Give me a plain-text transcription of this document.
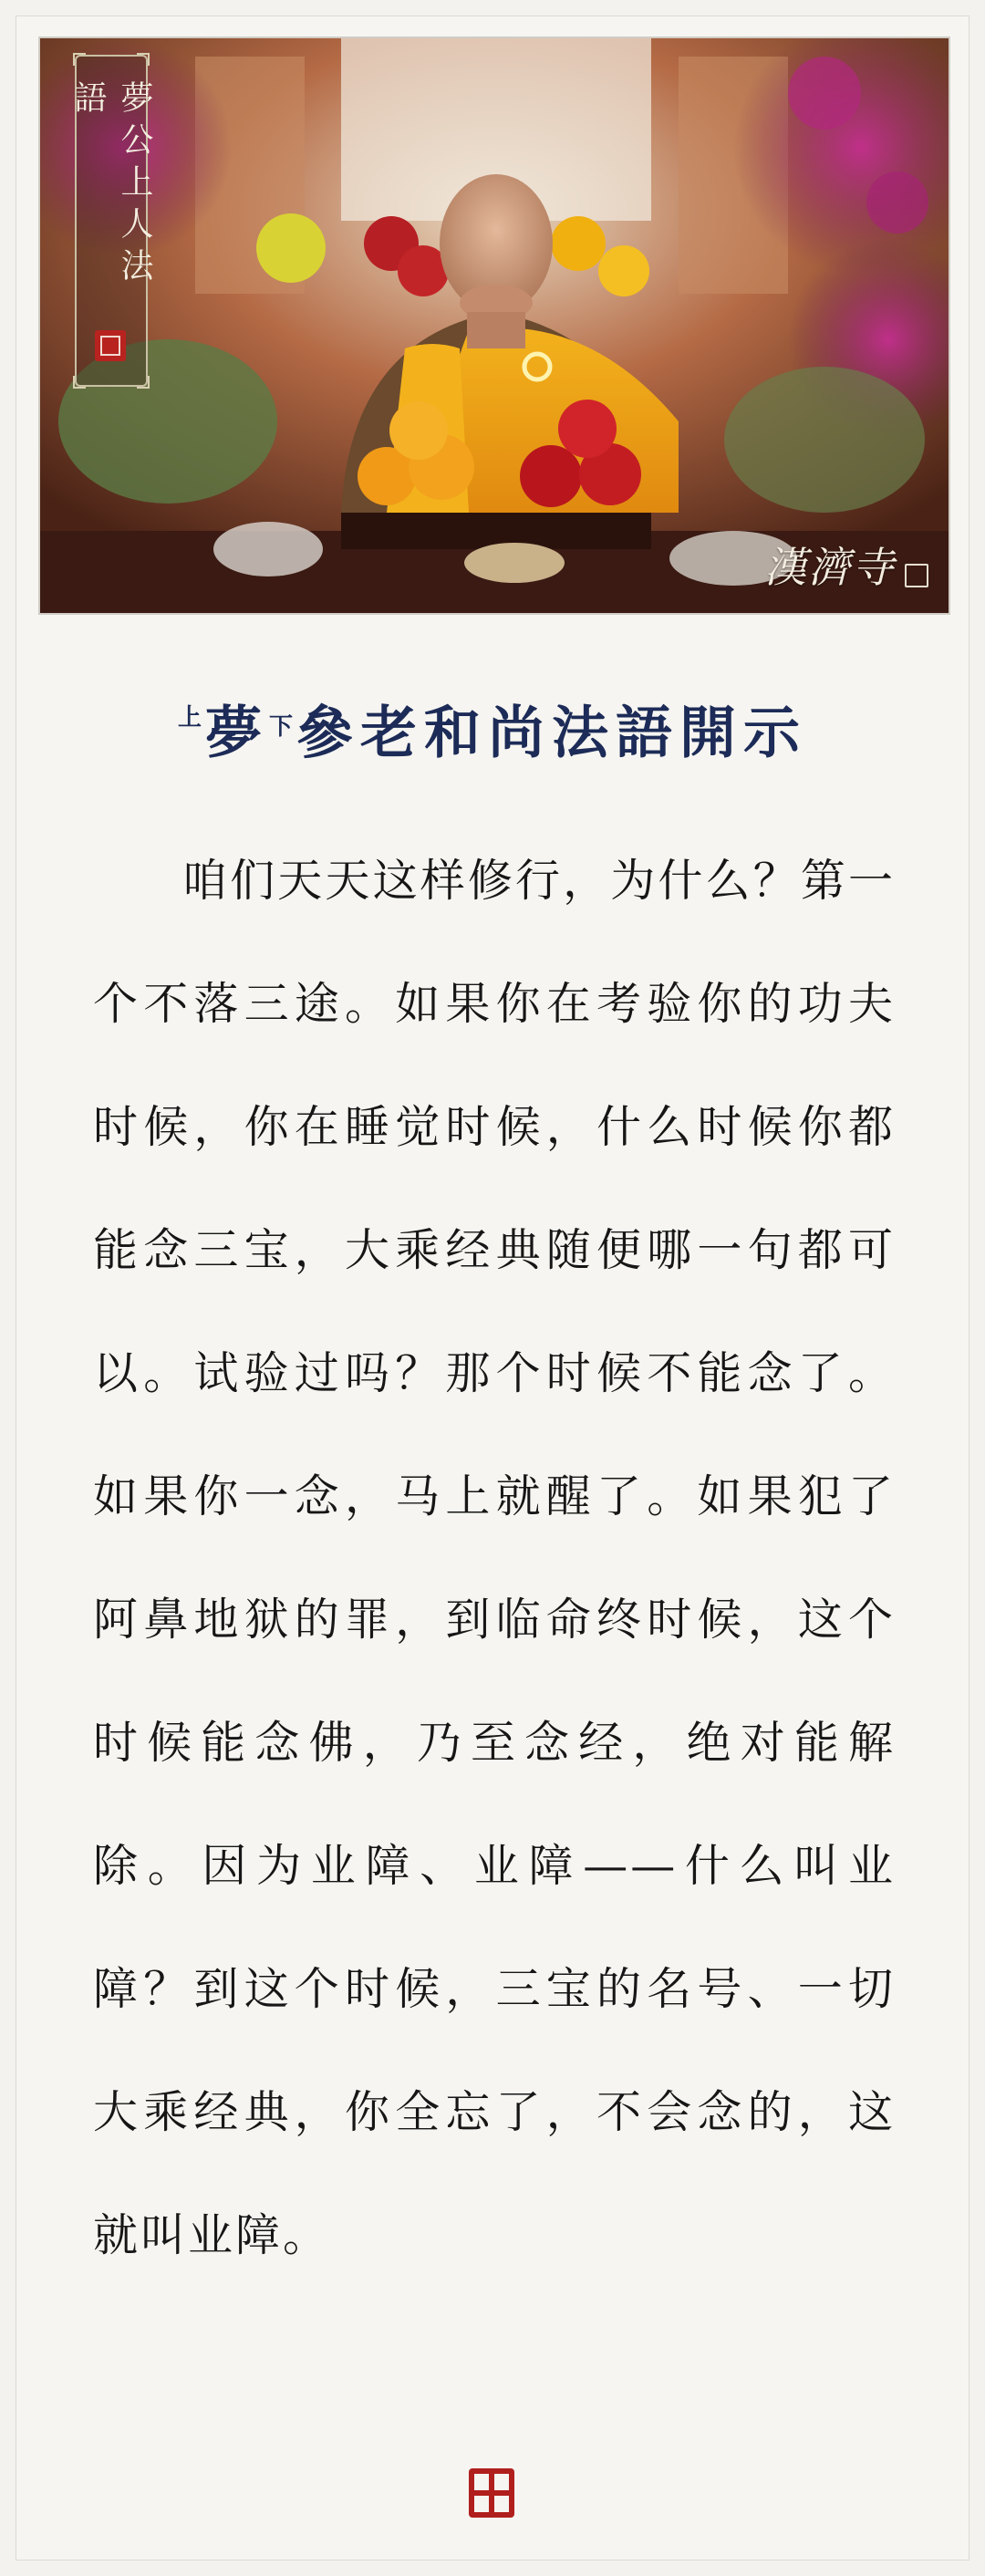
夢公上人法語
漢濟寺
$^上$夢$_下$參老和尚法語開示

咱们天天这样修行，为什么？第一个不落三途。如果你在考验你的功夫时候，你在睡觉时候，什么时候你都能念三宝，大乘经典随便哪一句都可以。试验过吗？那个时候不能念了。如果你一念，马上就醒了。如果犯了阿鼻地狱的罪，到临命终时候，这个时候能念佛，乃至念经，绝对能解除。因为业障、业障——什么叫业障？到这个时候，三宝的名号、一切大乘经典，你全忘了，不会念的，这就叫业障。
